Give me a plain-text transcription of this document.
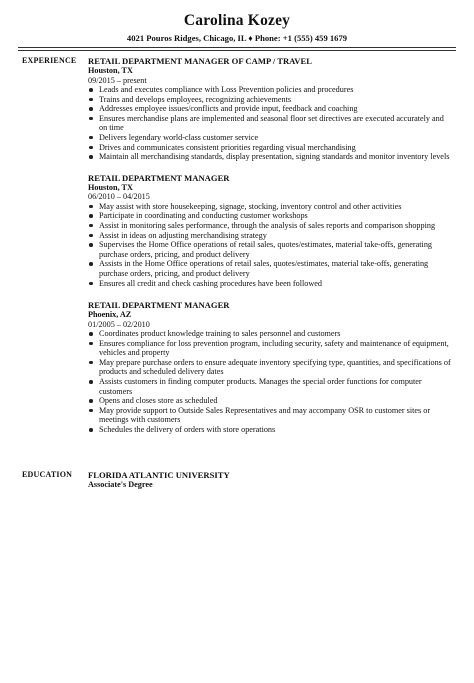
Carolina Kozey
4021 Pouros Ridges, Chicago, IL ♦ Phone: +1 (555) 459 1679
EXPERIENCE RETAIL DEPARTMENT MANAGER OF CAMP / TRAVEL

Houston, TX

09/2015 – present

Leads and executes compliance with Loss Prevention policies and procedures
Trains and develops employees, recognizing achievements
Addresses employee issues/conflicts and provide input, feedback and coaching
Ensures merchandise plans are implemented and seasonal floor set directives are executed accurately and on time
Delivers legendary world-class customer service
Drives and communicates consistent priorities regarding visual merchandising
Maintain all merchandising standards, display presentation, signing standards and monitor inventory levels

RETAIL DEPARTMENT MANAGER

Houston, TX

06/2010 – 04/2015

May assist with store housekeeping, signage, stocking, inventory control and other activities
Participate in coordinating and conducting customer workshops
Assist in monitoring sales performance, through the analysis of sales reports and comparison shopping
Assist in ideas on adjusting merchandising strategy
Supervises the Home Office operations of retail sales, quotes/estimates, material take-offs, generating purchase orders, pricing, and product delivery
Assists in the Home Office operations of retail sales, quotes/estimates, material take-offs, generating purchase orders, pricing, and product delivery
Ensures all credit and check cashing procedures have been followed

RETAIL DEPARTMENT MANAGER

Phoenix, AZ

01/2005 – 02/2010

Coordinates product knowledge training to sales personnel and customers
Ensures compliance for loss prevention program, including security, safety and maintenance of equipment, vehicles and property
May prepare purchase orders to ensure adequate inventory specifying type, quantities, and specifications of products and scheduled delivery dates
Assists customers in finding computer products. Manages the special order functions for computer customers
Opens and closes store as scheduled
May provide support to Outside Sales Representatives and may accompany OSR to customer sites or meetings with customers
Schedules the delivery of orders with store operations
EDUCATION FLORIDA ATLANTIC UNIVERSITY

Associate's Degree
